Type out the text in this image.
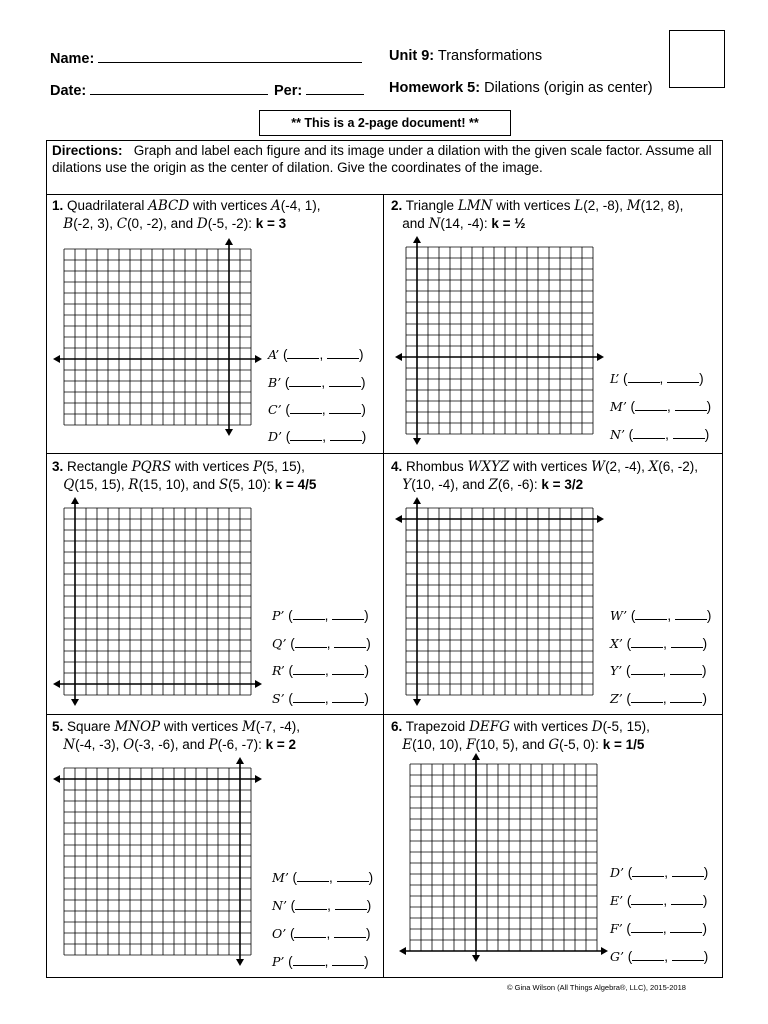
Name:	Unit 9: Transformations
Date:	Per:	Homework 5: Dilations (origin as center)
** This is a 2-page document! **
Directions: Graph and label each figure and its image under a dilation with the given scale factor. Assume all dilations use the origin as the center of dilation. Give the coordinates of the image.
1. Quadrilateral ABCD with vertices A(-4, 1),
B(-2, 3), C(0, -2), and D(-5, -2): k = 3
2. Triangle LMN with vertices L(2, -8), M(12, 8),
and N(14, -4): k = ½
3. Rectangle PQRS with vertices P(5, 15),
Q(15, 15), R(15, 10), and S(5, 10): k = 4/5
4. Rhombus WXYZ with vertices W(2, -4), X(6, -2),
Y(10, -4), and Z(6, -6): k = 3/2
5. Square MNOP with vertices M(-7, -4),
N(-4, -3), O(-3, -6), and P(-6, -7): k = 2
6. Trapezoid DEFG with vertices D(-5, 15),
E(10, 10), F(10, 5), and G(-5, 0): k = 1/5
A’ ( , )
B’ ( , )
C’ ( , )
D’ ( , )
L’ ( , )
M’ ( , )
N’ ( , )
P’ ( , )
Q’ ( , )
R’ ( , )
S’ ( , )
W’ ( , )
X’ ( , )
Y’ ( , )
Z’ ( , )
M’ ( , )
N’ ( , )
O’ ( , )
P’ ( , )
D’ ( , )
E’ ( , )
F’ ( , )
G’ ( , )
© Gina Wilson (All Things Algebra®, LLC), 2015-2018
